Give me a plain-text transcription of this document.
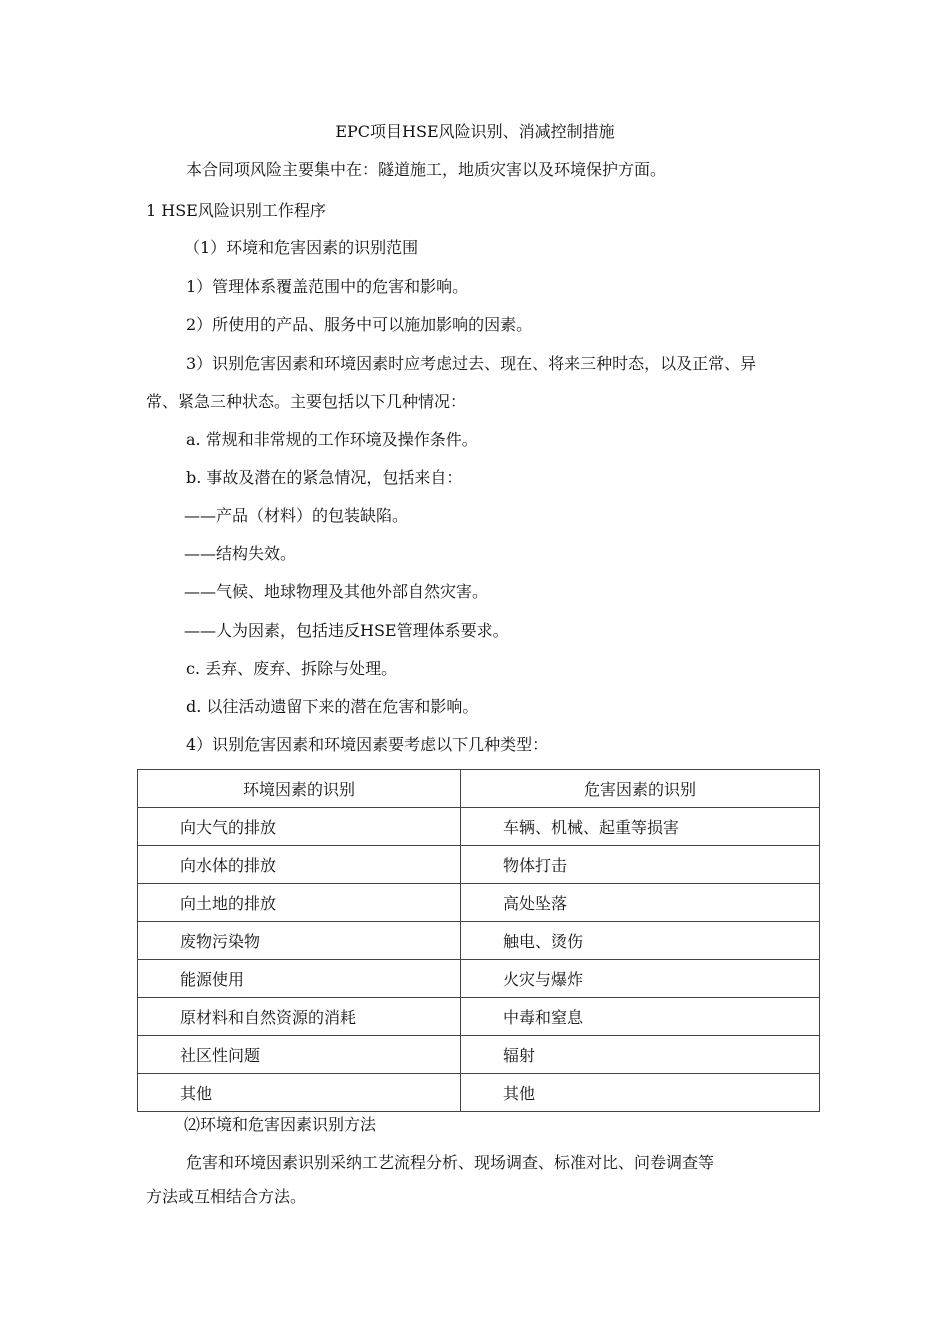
EPC项目HSE风险识别、消减控制措施
本合同项风险主要集中在：隧道施工，地质灾害以及环境保护方面。
1 HSE风险识别工作程序
（1）环境和危害因素的识别范围
1）管理体系覆盖范围中的危害和影响。
2）所使用的产品、服务中可以施加影响的因素。
3）识别危害因素和环境因素时应考虑过去、现在、将来三种时态，以及正常、异
常、紧急三种状态。主要包括以下几种情况：
a. 常规和非常规的工作环境及操作条件。
b. 事故及潜在的紧急情况，包括来自：
——产品（材料）的包装缺陷。
——结构失效。
——气候、地球物理及其他外部自然灾害。
——人为因素，包括违反HSE管理体系要求。
c. 丢弃、废弃、拆除与处理。
d. 以往活动遗留下来的潜在危害和影响。
4）识别危害因素和环境因素要考虑以下几种类型：
环境因素的识别	危害因素的识别
向大气的排放	车辆、机械、起重等损害
向水体的排放	物体打击
向土地的排放	高处坠落
废物污染物	触电、烫伤
能源使用	火灾与爆炸
原材料和自然资源的消耗	中毒和窒息
社区性问题	辐射
其他	其他
⑵环境和危害因素识别方法
危害和环境因素识别采纳工艺流程分析、现场调查、标准对比、问卷调查等
方法或互相结合方法。
